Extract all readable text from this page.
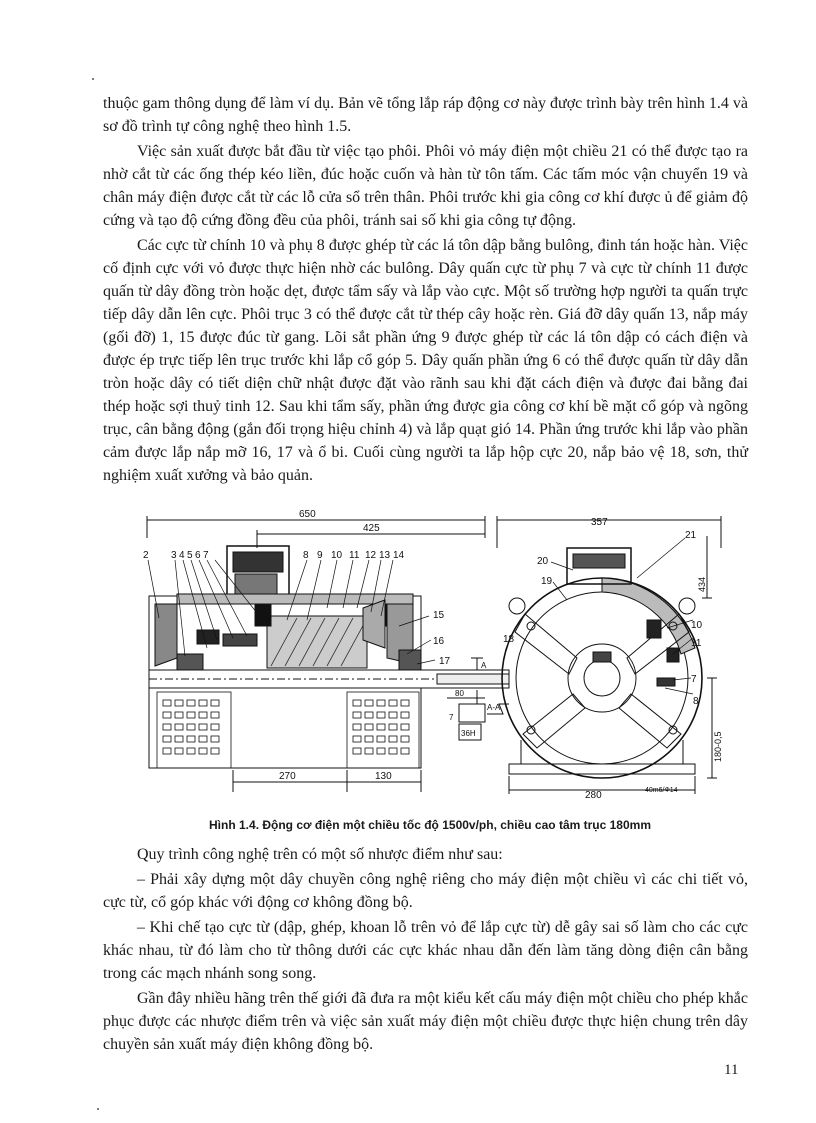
thuộc gam thông dụng để làm ví dụ. Bản vẽ tổng lắp ráp động cơ này được trình bày trên hình 1.4 và sơ đồ trình tự công nghệ theo hình 1.5.

Việc sản xuất được bắt đầu từ việc tạo phôi. Phôi vỏ máy điện một chiều 21 có thể được tạo ra nhờ cắt từ các ống thép kéo liền, đúc hoặc cuốn và hàn từ tôn tấm. Các tấm móc vận chuyển 19 và chân máy điện được cắt từ các lỗ cửa sổ trên thân. Phôi trước khi gia công cơ khí được ủ để giảm độ cứng và tạo độ cứng đồng đều của phôi, tránh sai số khi gia công tự động.

Các cực từ chính 10 và phụ 8 được ghép từ các lá tôn dập bằng bulông, đinh tán hoặc hàn. Việc cố định cực với vỏ được thực hiện nhờ các bulông. Dây quấn cực từ phụ 7 và cực từ chính 11 được quấn từ dây đồng tròn hoặc dẹt, được tẩm sấy và lắp vào cực. Một số trường hợp người ta quấn trực tiếp dây dẫn lên cực. Phôi trục 3 có thể được cắt từ thép cây hoặc rèn. Giá đỡ dây quấn 13, nắp máy (gối đỡ) 1, 15 được đúc từ gang. Lõi sắt phần ứng 9 được ghép từ các lá tôn dập có cách điện và được ép trực tiếp lên trục trước khi lắp cổ góp 5. Dây quấn phần ứng 6 có thể được quấn từ dây dẫn tròn hoặc dây có tiết diện chữ nhật được đặt vào rãnh sau khi đặt cách điện và được đai bằng đai thép hoặc sợi thuỷ tinh 12. Sau khi tẩm sấy, phần ứng được gia công cơ khí bề mặt cổ góp và ngõng trục, cân bằng động (gắn đối trọng hiệu chỉnh 4) và lắp quạt gió 14. Phần ứng trước khi lắp vào phần cảm được lắp nắp mỡ 16, 17 và ổ bi. Cuối cùng người ta lắp hộp cực 20, nắp bảo vệ 18, sơn, thử nghiệm xuất xưởng và bảo quản.

650
425
357
270	130
280	40m6/Ф14
434
180-0,5
2 3 4 5 6 7	8 9 10 11 12 13 14
15
16
17	A
A-A
80
36H
7
20
19
18
21
10
11
7
8
Hình 1.4. Động cơ điện một chiều tốc độ 1500v/ph, chiều cao tâm trục 180mm

Quy trình công nghệ trên có một số nhược điểm như sau:

– Phải xây dựng một dây chuyền công nghệ riêng cho máy điện một chiều vì các chi tiết vỏ, cực từ, cổ góp khác với động cơ không đồng bộ.

– Khi chế tạo cực từ (dập, ghép, khoan lỗ trên vỏ để lắp cực từ) dễ gây sai số làm cho các cực khác nhau, từ đó làm cho từ thông dưới các cực khác nhau dẫn đến làm tăng dòng điện cân bằng trong các mạch nhánh song song.

Gần đây nhiều hãng trên thế giới đã đưa ra một kiểu kết cấu máy điện một chiều cho phép khắc phục được các nhược điểm trên và việc sản xuất máy điện một chiều được thực hiện chung trên dây chuyền sản xuất máy điện không đồng bộ.

11
